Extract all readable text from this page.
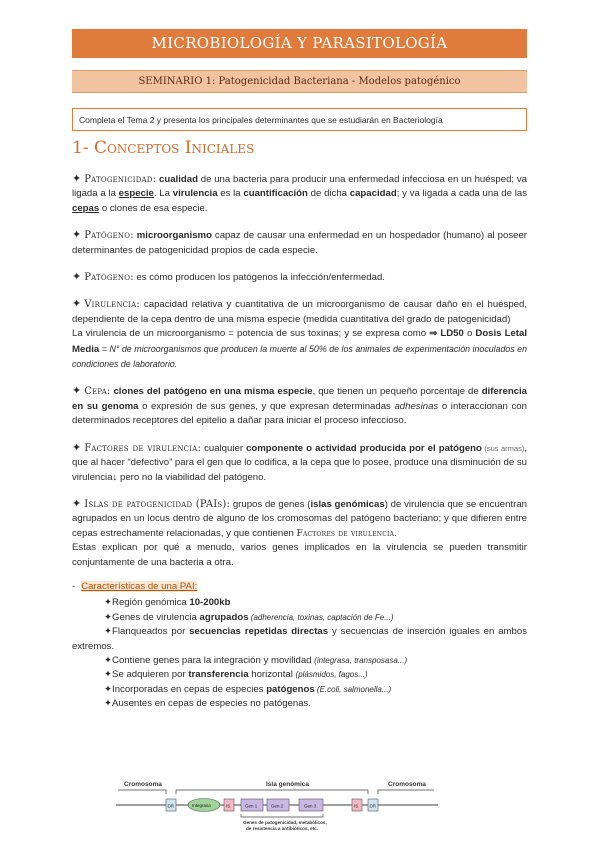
MICROBIOLOGÍA Y PARASITOLOGÍA
SEMINARIO 1: Patogenicidad Bacteriana - Modelos patogénico
Completa el Tema 2 y presenta los principales determinantes que se estudiarán en Bacteriología
1- Conceptos Iniciales

✦ Patogenicidad: cualidad de una bacteria para producir una enfermedad infecciosa en un huésped; va ligada a la especie. La virulencia es la cuantificación de dicha capacidad; y va ligada a cada una de las cepas o clones de esa especie.

✦ Patógeno: microorganismo capaz de causar una enfermedad en un hospedador (humano) al poseer determinantes de patogenicidad propios de cada especie.

✦ Patógeno: es cómo producen los patógenos la infección/enfermedad.

✦ Virulencia: capacidad relativa y cuantitativa de un microorganismo de causar daño en el huésped, dependiente de la cepa dentro de una misma especie (medida cuantitativa del grado de patogenicidad)
La virulencia de un microorganismo = potencia de sus toxinas; y se expresa como ⇒ LD50 o Dosis Letal Media = N° de microorganismos que producen la muerte al 50% de los animales de experimentación inoculados en condiciones de laboratorio.

✦ Cepa: clones del patógeno en una misma especie, que tienen un pequeño porcentaje de diferencia en su genoma o expresión de sus genes, y que expresan determinadas adhesinas o interaccionan con determinados receptores del epitelio a dañar para iniciar el proceso infeccioso.

✦ Factores de virulencia: cualquier componente o actividad producida por el patógeno (sus armas), que al hacer “defectivo” para el gen que lo codifica, a la cepa que lo posee, produce una disminución de su virulencia↓ pero no la viabilidad del patógeno.

✦ Islas de patogenicidad (PAIs): grupos de genes (islas genómicas) de virulencia que se encuentran agrupados en un locus dentro de alguno de los cromosomas del patógeno bacteriano; y que difieren entre cepas estrechamente relacionadas, y que contienen Factores de virulencia.
Estas explican por qué a menudo, varios genes implicados en la virulencia se pueden transmitir conjuntamente de una bacteria a otra.

- Características de una PAI:

✦Región genómica 10-200kb

✦Genes de virulencia agrupados (adherencia, toxinas, captación de Fe...)

✦Flanqueados por secuencias repetidas directas y secuencias de inserción iguales en ambos extremos.

✦Contiene genes para la integración y movilidad (integrasa, transposasa...)

✦Se adquieren por transferencia horizontal (plásmidos, fagos...)

✦Incorporadas en cepas de especies patógenos (E.coli, salmonella...)

✦Ausentes en cepas de especies no patógenas.

Cromosoma	Isla genómica	Cromosoma
DR	Integrasa	IS	Gen 1	Gen 2	Gen 3	IS DR
Genes de patogenicidad, metabólicos,
de resistencia a antibióticos, etc.
